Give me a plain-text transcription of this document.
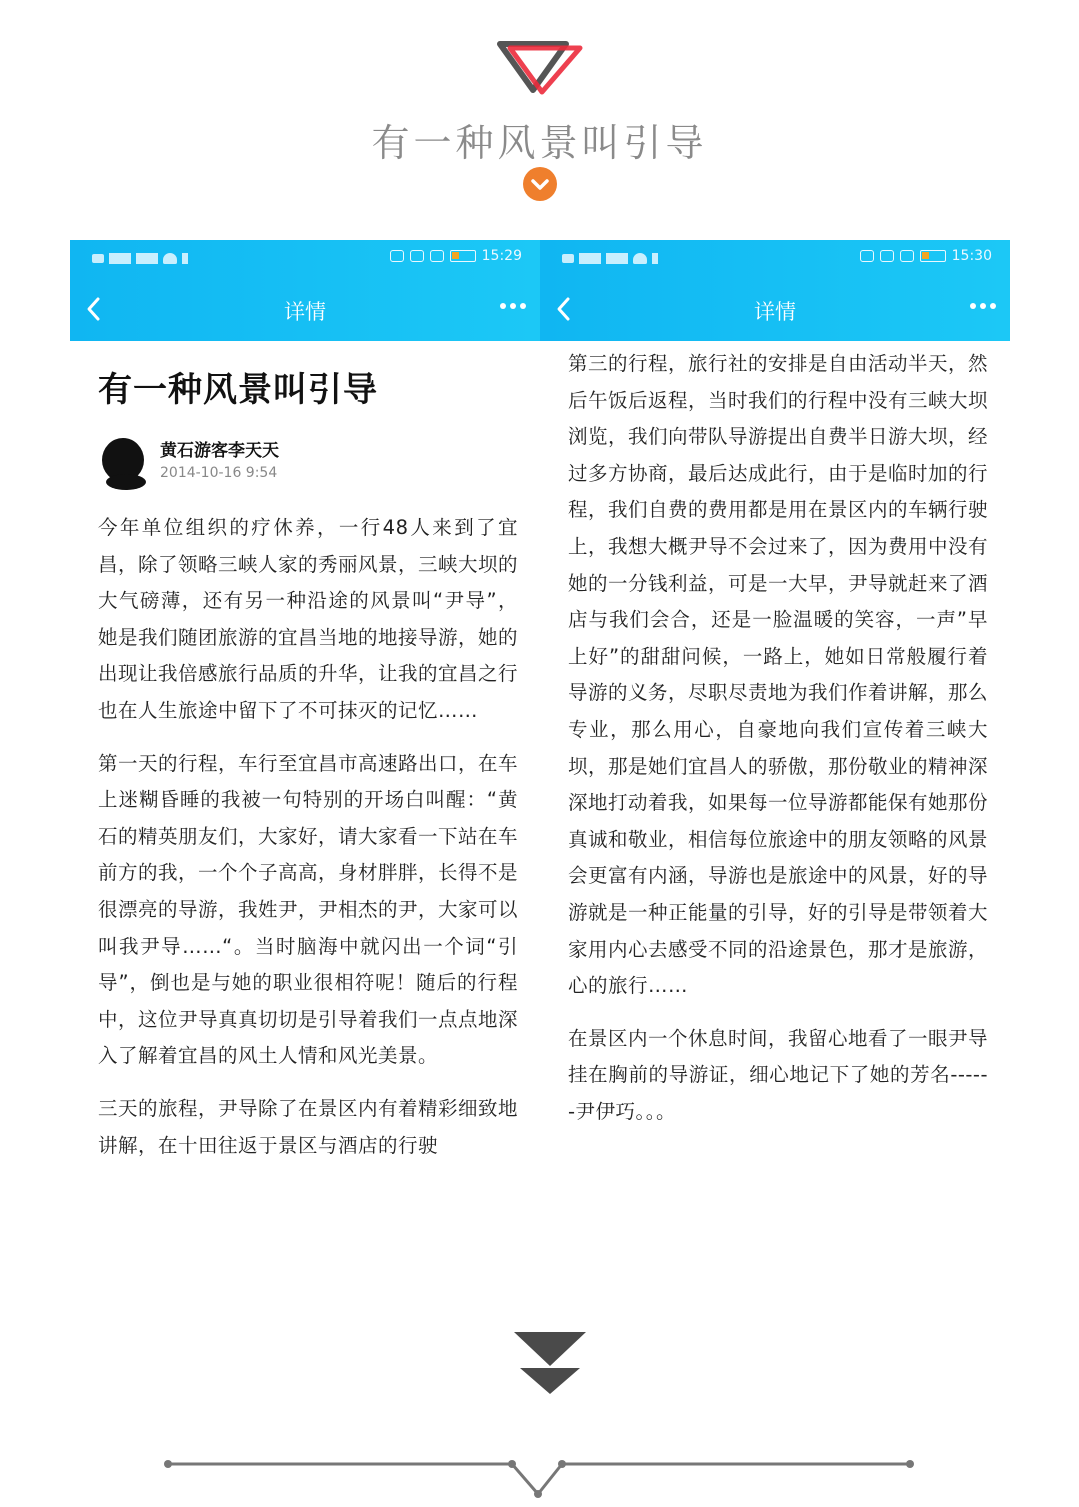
有一种风景叫引导
15:29
详情
有一种风景叫引导
黄石游客李天天
2014-10-16 9:54

今年单位组织的疗休养，一行48人来到了宜昌，除了领略三峡人家的秀丽风景，三峡大坝的大气磅薄，还有另一种沿途的风景叫“尹导”，她是我们随团旅游的宜昌当地的地接导游，她的出现让我倍感旅行品质的升华，让我的宜昌之行也在人生旅途中留下了不可抹灭的记忆……

第一天的行程，车行至宜昌市高速路出口，在车上迷糊昏睡的我被一句特别的开场白叫醒：“黄石的精英朋友们，大家好，请大家看一下站在车前方的我，一个个子高高，身材胖胖，长得不是很漂亮的导游，我姓尹，尹相杰的尹，大家可以叫我尹导……“。当时脑海中就闪出一个词“引导”，倒也是与她的职业很相符呢！随后的行程中，这位尹导真真切切是引导着我们一点点地深入了解着宜昌的风土人情和风光美景。

三天的旅程，尹导除了在景区内有着精彩细致地讲解，在十田往返于景区与酒店的行驶

15:30
详情

第三的行程，旅行社的安排是自由活动半天，然后午饭后返程，当时我们的行程中没有三峡大坝浏览，我们向带队导游提出自费半日游大坝，经过多方协商，最后达成此行，由于是临时加的行程，我们自费的费用都是用在景区内的车辆行驶上，我想大概尹导不会过来了，因为费用中没有她的一分钱利益，可是一大早，尹导就赶来了酒店与我们会合，还是一脸温暖的笑容，一声”早上好”的甜甜问候，一路上，她如日常般履行着导游的义务，尽职尽责地为我们作着讲解，那么专业，那么用心，自豪地向我们宣传着三峡大坝，那是她们宜昌人的骄傲，那份敬业的精神深深地打动着我，如果每一位导游都能保有她那份真诚和敬业，相信每位旅途中的朋友领略的风景会更富有内涵，导游也是旅途中的风景，好的导游就是一种正能量的引导，好的引导是带领着大家用内心去感受不同的沿途景色，那才是旅游，心的旅行……

在景区内一个休息时间，我留心地看了一眼尹导挂在胸前的导游证，细心地记下了她的芳名------尹伊巧。。。
